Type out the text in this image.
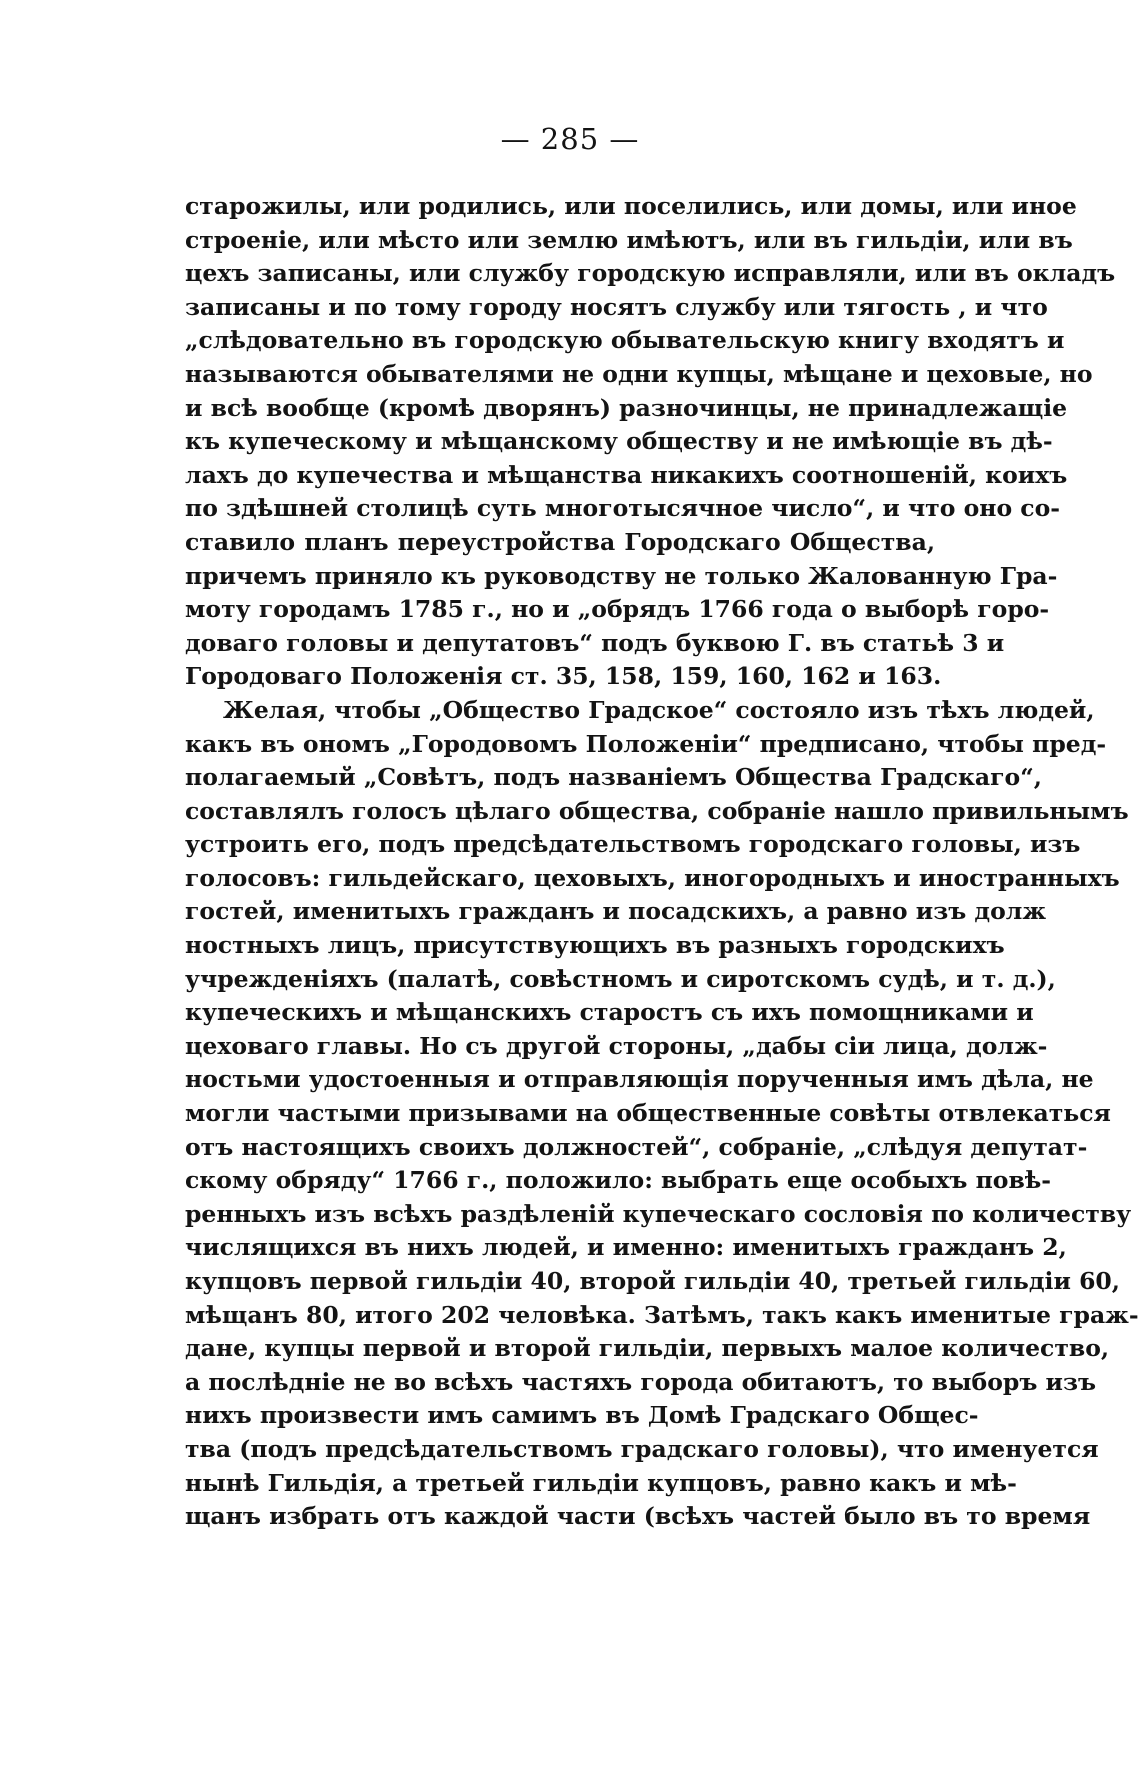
— 285 —
старожилы, или родились, или поселились, или домы, или иное
строеніе, или мѣсто или землю имѣютъ, или въ гильдіи, или въ
цехъ записаны, или службу городскую исправляли, или въ окладъ
записаны и по тому городу носятъ службу или тягость , и что
„слѣдовательно въ городскую обывательскую книгу входятъ и
называются обывателями не одни купцы, мѣщане и цеховые, но
и всѣ вообще (кромѣ дворянъ) разночинцы, не принадлежащіе
къ купеческому и мѣщанскому обществу и не имѣющіе въ дѣ-
лахъ до купечества и мѣщанства никакихъ соотношеній, коихъ
по здѣшней столицѣ суть многотысячное число“, и что оно со-
ставило планъ переустройства Городскаго Общества,
причемъ приняло къ руководству не только Жалованную Гра-
моту городамъ 1785 г., но и „обрядъ 1766 года о выборѣ горо-
доваго головы и депутатовъ“ подъ буквою Г. въ статьѣ 3 и
Городоваго Положенія ст. 35, 158, 159, 160, 162 и 163.
Желая, чтобы „Общество Градское“ состояло изъ тѣхъ людей,
какъ въ ономъ „Городовомъ Положеніи“ предписано, чтобы пред-
полагаемый „Совѣтъ, подъ названіемъ Общества Градскаго“,
составлялъ голосъ цѣлаго общества, собраніе нашло привильнымъ
устроить его, подъ предсѣдательствомъ городскаго головы, изъ
голосовъ: гильдейскаго, цеховыхъ, иногородныхъ и иностранныхъ
гостей, именитыхъ гражданъ и посадскихъ, а равно изъ долж
ностныхъ лицъ, присутствующихъ въ разныхъ городскихъ
учрежденіяхъ (палатѣ, совѣстномъ и сиротскомъ судѣ, и т. д.),
купеческихъ и мѣщанскихъ старостъ съ ихъ помощниками и
цеховаго главы. Но съ другой стороны, „дабы сіи лица, долж-
ностьми удостоенныя и отправляющія порученныя имъ дѣла, не
могли частыми призывами на общественные совѣты отвлекаться
отъ настоящихъ своихъ должностей“, собраніе, „слѣдуя депутат-
скому обряду“ 1766 г., положило: выбрать еще особыхъ повѣ-
ренныхъ изъ всѣхъ раздѣленій купеческаго сословія по количеству
числящихся въ нихъ людей, и именно: именитыхъ гражданъ 2,
купцовъ первой гильдіи 40, второй гильдіи 40, третьей гильдіи 60,
мѣщанъ 80, итого 202 человѣка. Затѣмъ, такъ какъ именитые граж-
дане, купцы первой и второй гильдіи, первыхъ малое количество,
а послѣдніе не во всѣхъ частяхъ города обитаютъ, то выборъ изъ
нихъ произвести имъ самимъ въ Домѣ Градскаго Общес-
тва (подъ предсѣдательствомъ градскаго головы), что именуется
нынѣ Гильдія, а третьей гильдіи купцовъ, равно какъ и мѣ-
щанъ избрать отъ каждой части (всѣхъ частей было въ то время
